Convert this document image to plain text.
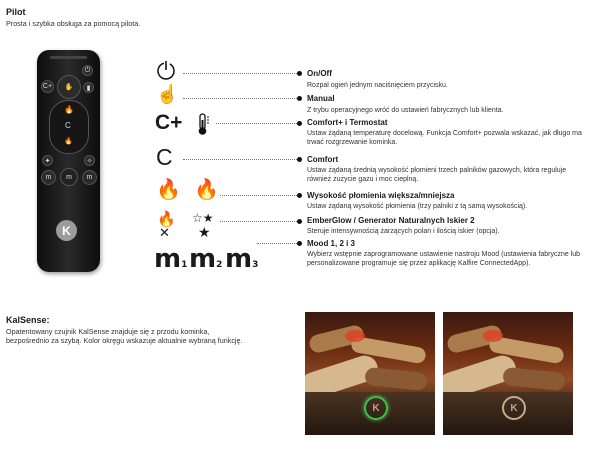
Pilot
Prosta i szybka obsługa za pomocą pilota.
C+	✋
⏻
▮
🔥
C
🔥
✦	✧
m	m	m
K
☝
C+
C
🔥 🔥
🔥
✕
☆★
★
m1 m2 m3
On/Off
Rozpal ogień jednym naciśnięciem przycisku.
Manual
Z trybu operacyjnego wróć do ustawień fabrycznych lub klienta.
Comfort+ i Termostat
Ustaw żądaną temperaturę docelową. Funkcja Comfort+ pozwala wskazać, jak długo ma trwać rozgrzewanie kominka.
Comfort
Ustaw żądaną średnią wysokość płomieni trzech palników gazowych, która reguluje również zużycie gazu i moc cieplną.
Wysokość płomienia większa/mniejsza
Ustaw żądaną wysokość płomienia (trzy palniki z tą samą wysokością).
EmberGlow / Generator Naturalnych Iskier 2
Steruje intensywnością żarzących polan i ilością iskier (opcja).
Mood 1, 2 i 3
Wybierz wstępnie zaprogramowane ustawienie nastroju Mood (ustawienia fabryczne lub personalizowane programuje się przez aplikację Kalfire ConnectedApp).
KalSense:
Opatentowany czujnik KalSense znajduje się z przodu kominka, bezpośrednio za szybą. Kolor okręgu wskazuje aktualnie wybraną funkcję.
K	K
